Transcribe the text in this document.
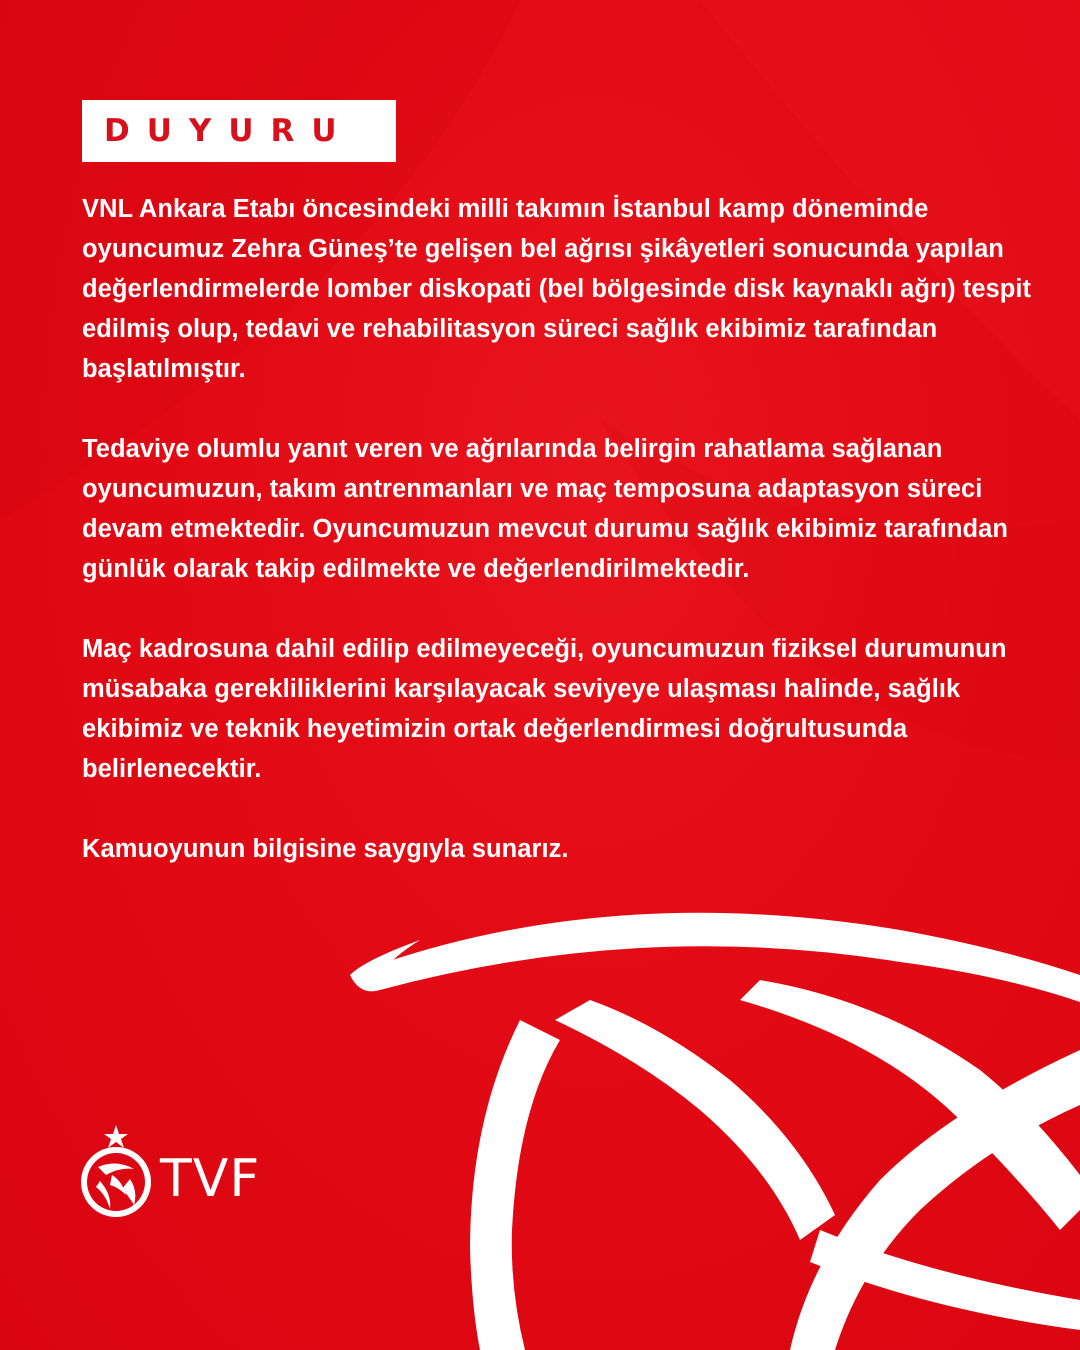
DUYURU

VNL Ankara Etabı öncesindeki milli takımın İstanbul kamp döneminde oyuncumuz Zehra Güneş’te gelişen bel ağrısı şikâyetleri sonucunda yapılan değerlendirmelerde lomber diskopati (bel bölgesinde disk kaynaklı ağrı) tespit edilmiş olup, tedavi ve rehabilitasyon süreci sağlık ekibimiz tarafından başlatılmıştır.

Tedaviye olumlu yanıt veren ve ağrılarında belirgin rahatlama sağlanan oyuncumuzun, takım antrenmanları ve maç temposuna adaptasyon süreci devam etmektedir. Oyuncumuzun mevcut durumu sağlık ekibimiz tarafından günlük olarak takip edilmekte ve değerlendirilmektedir.

Maç kadrosuna dahil edilip edilmeyeceği, oyuncumuzun fiziksel durumunun müsabaka gerekliliklerini karşılayacak seviyeye ulaşması halinde, sağlık ekibimiz ve teknik heyetimizin ortak değerlendirmesi doğrultusunda belirlenecektir.

Kamuoyunun bilgisine saygıyla sunarız.

1958
TVF
